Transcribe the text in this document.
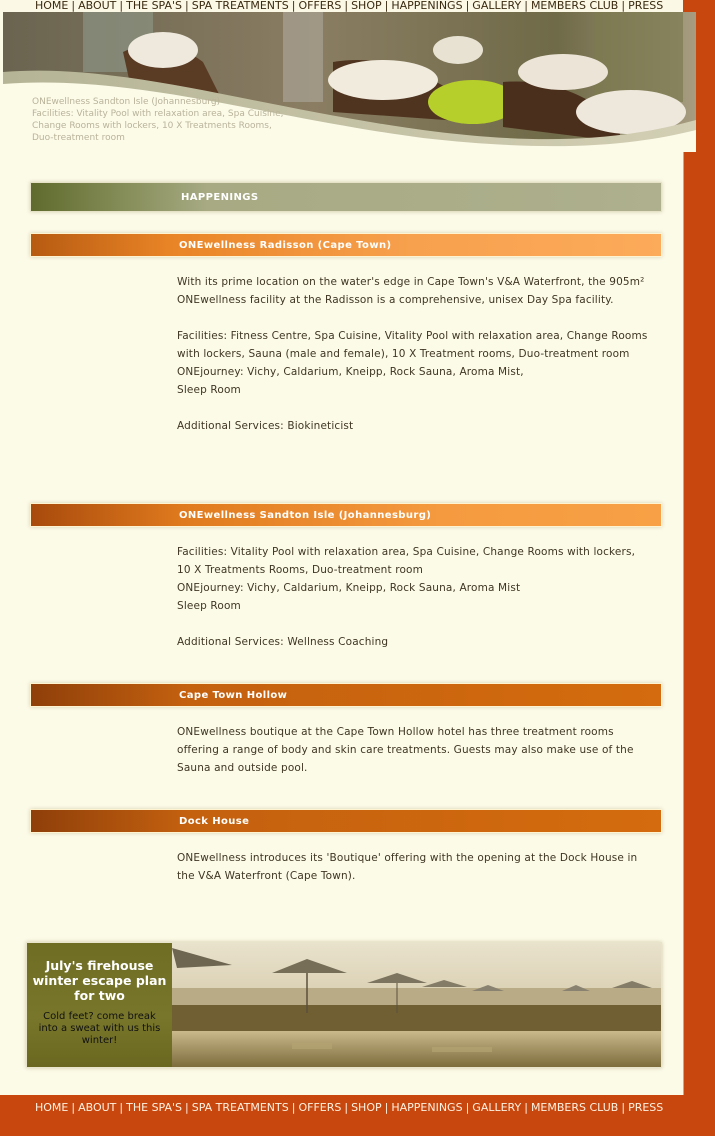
HOME | ABOUT | THE SPA'S | SPA TREATMENTS | OFFERS | SHOP | HAPPENINGS | GALLERY | MEMBERS CLUB | PRESS
ONEwellness Sandton Isle (Johannesburg)
Facilities: Vitality Pool with relaxation area, Spa Cuisine, Change Rooms with lockers, 10 X Treatments Rooms, Duo-treatment room
HAPPENINGS
ONEwellness Radisson (Cape Town)

With its prime location on the water's edge in Cape Town's V&A Waterfront, the 905m² ONEwellness facility at the Radisson is a comprehensive, unisex Day Spa facility.

Facilities: Fitness Centre, Spa Cuisine, Vitality Pool with relaxation area, Change Rooms with lockers, Sauna (male and female), 10 X Treatment rooms, Duo-treatment room

ONEjourney: Vichy, Caldarium, Kneipp, Rock Sauna, Aroma Mist,

Sleep Room

Additional Services: Biokineticist

ONEwellness Sandton Isle (Johannesburg)

Facilities: Vitality Pool with relaxation area, Spa Cuisine, Change Rooms with lockers, 10 X Treatments Rooms, Duo-treatment room

ONEjourney: Vichy, Caldarium, Kneipp, Rock Sauna, Aroma Mist

Sleep Room

Additional Services: Wellness Coaching

Cape Town Hollow

ONEwellness boutique at the Cape Town Hollow hotel has three treatment rooms offering a range of body and skin care treatments. Guests may also make use of the Sauna and outside pool.

Dock House

ONEwellness introduces its 'Boutique' offering with the opening at the Dock House in the V&A Waterfront (Cape Town).

July's firehouse winter escape plan for two
Cold feet? come break into a sweat with us this winter!
HOME | ABOUT | THE SPA'S | SPA TREATMENTS | OFFERS | SHOP | HAPPENINGS | GALLERY | MEMBERS CLUB | PRESS
